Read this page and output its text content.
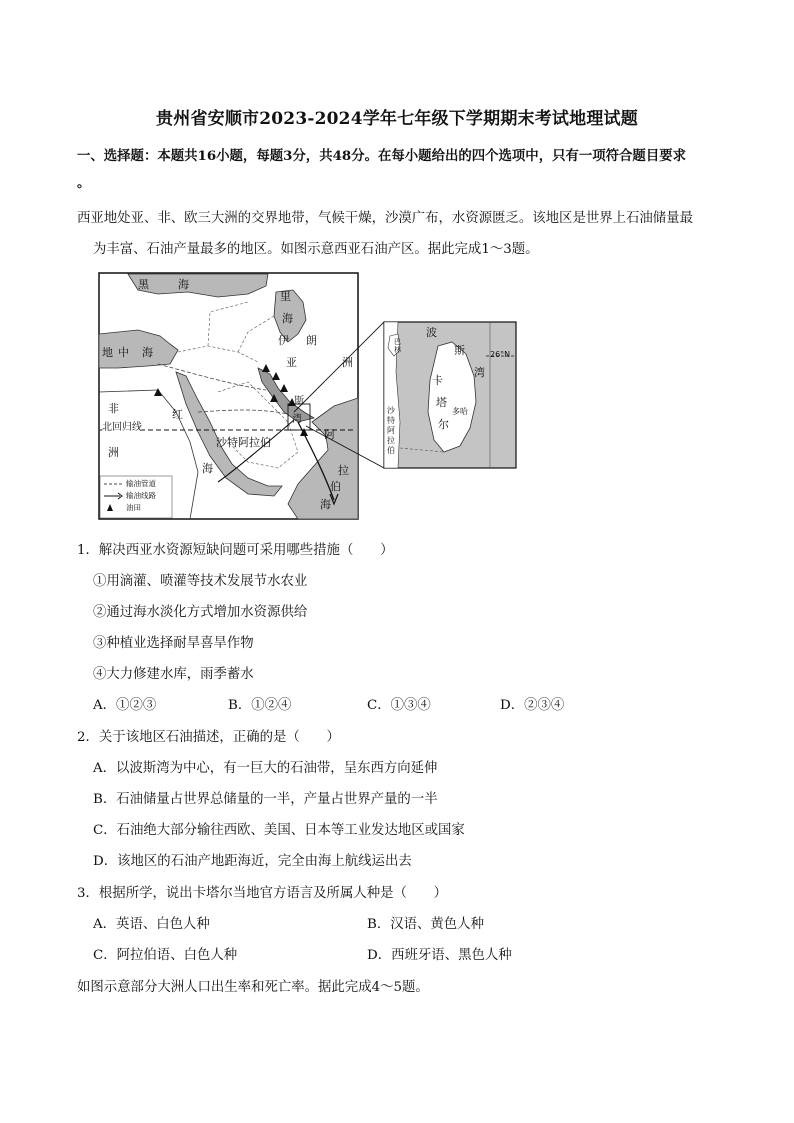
贵州省安顺市2023-2024学年七年级下学期期末考试地理试题
一、选择题：本题共16小题，每题3分，共48分。在每小题给出的四个选项中，只有一项符合题目要求
。
西亚地处亚、非、欧三大洲的交界地带，气候干燥，沙漠广布，水资源匮乏。该地区是世界上石油储量最
为丰富、石油产量最多的地区。如图示意西亚石油产区。据此完成1～3题。
黑	海
里
海
地 中 海
伊 朗
亚	洲
非
洲
北回归线
红
海
沙特阿拉伯
斯
湾
阿
拉
伯
海
输油管道
输油线路
油田
波
斯
湾
26°N
卡
塔
尔
多哈
巴林
沙特阿拉伯
1．解决西亚水资源短缺问题可采用哪些措施（　　）
①用滴灌、喷灌等技术发展节水农业
②通过海水淡化方式增加水资源供给
③种植业选择耐旱喜旱作物
④大力修建水库，雨季蓄水
A．①②③	B．①②④	C．①③④	D．②③④
2．关于该地区石油描述，正确的是（　　）
A．以波斯湾为中心，有一巨大的石油带，呈东西方向延伸
B．石油储量占世界总储量的一半，产量占世界产量的一半
C．石油绝大部分输往西欧、美国、日本等工业发达地区或国家
D．该地区的石油产地距海近，完全由海上航线运出去
3．根据所学，说出卡塔尔当地官方语言及所属人种是（　　）
A．英语、白色人种	B．汉语、黄色人种
C．阿拉伯语、白色人种	D．西班牙语、黑色人种
如图示意部分大洲人口出生率和死亡率。据此完成4～5题。
